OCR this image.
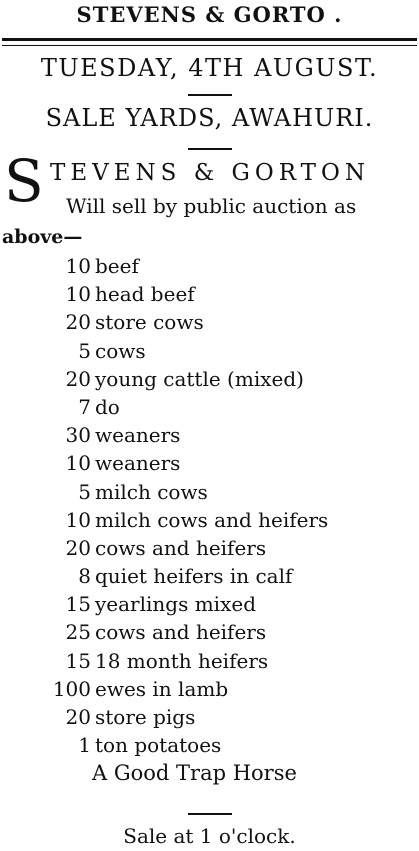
STEVENS & GORTO .
TUESDAY, 4TH AUGUST.
SALE YARDS, AWAHURI.
S TEVENS & GORTON
Will sell by public auction as
above—
10 beef
10 head beef
20 store cows
5 cows
20 young cattle (mixed)
7 do
30 weaners
10 weaners
5 milch cows
10 milch cows and heifers
20 cows and heifers
8 quiet heifers in calf
15 yearlings mixed
25 cows and heifers
15 18 month heifers
100 ewes in lamb
20 store pigs
1 ton potatoes
A Good Trap Horse
Sale at 1 o'clock.
